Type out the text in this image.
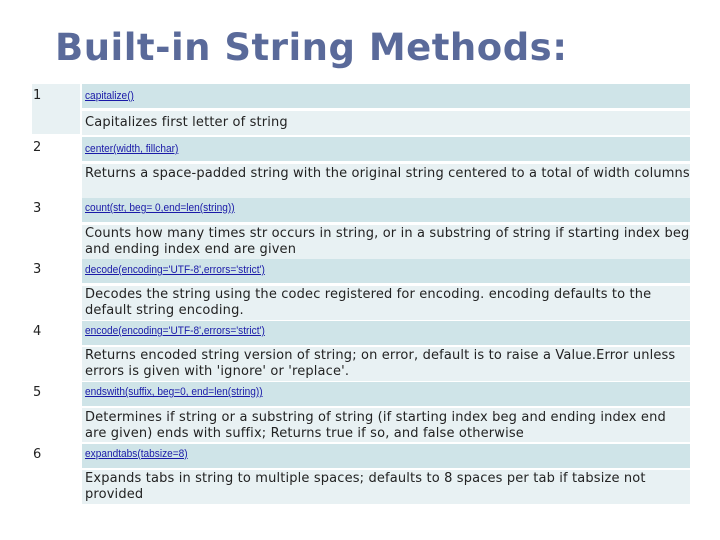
Built-in String Methods:
1	capitalize()
Capitalizes first letter of string
2	center(width, fillchar)
Returns a space-padded string with the original string centered to a total of width columns
3	count(str, beg= 0,end=len(string))
Counts how many times str occurs in string, or in a substring of string if starting index beg and ending index end are given
3	decode(encoding='UTF-8',errors='strict')
Decodes the string using the codec registered for encoding. encoding defaults to the default string encoding.
4	encode(encoding='UTF-8',errors='strict')
Returns encoded string version of string; on error, default is to raise a Value.Error unless errors is given with 'ignore' or 'replace'.
5	endswith(suffix, beg=0, end=len(string))
Determines if string or a substring of string (if starting index beg and ending index end are given) ends with suffix; Returns true if so, and false otherwise
6	expandtabs(tabsize=8)
Expands tabs in string to multiple spaces; defaults to 8 spaces per tab if tabsize not provided
